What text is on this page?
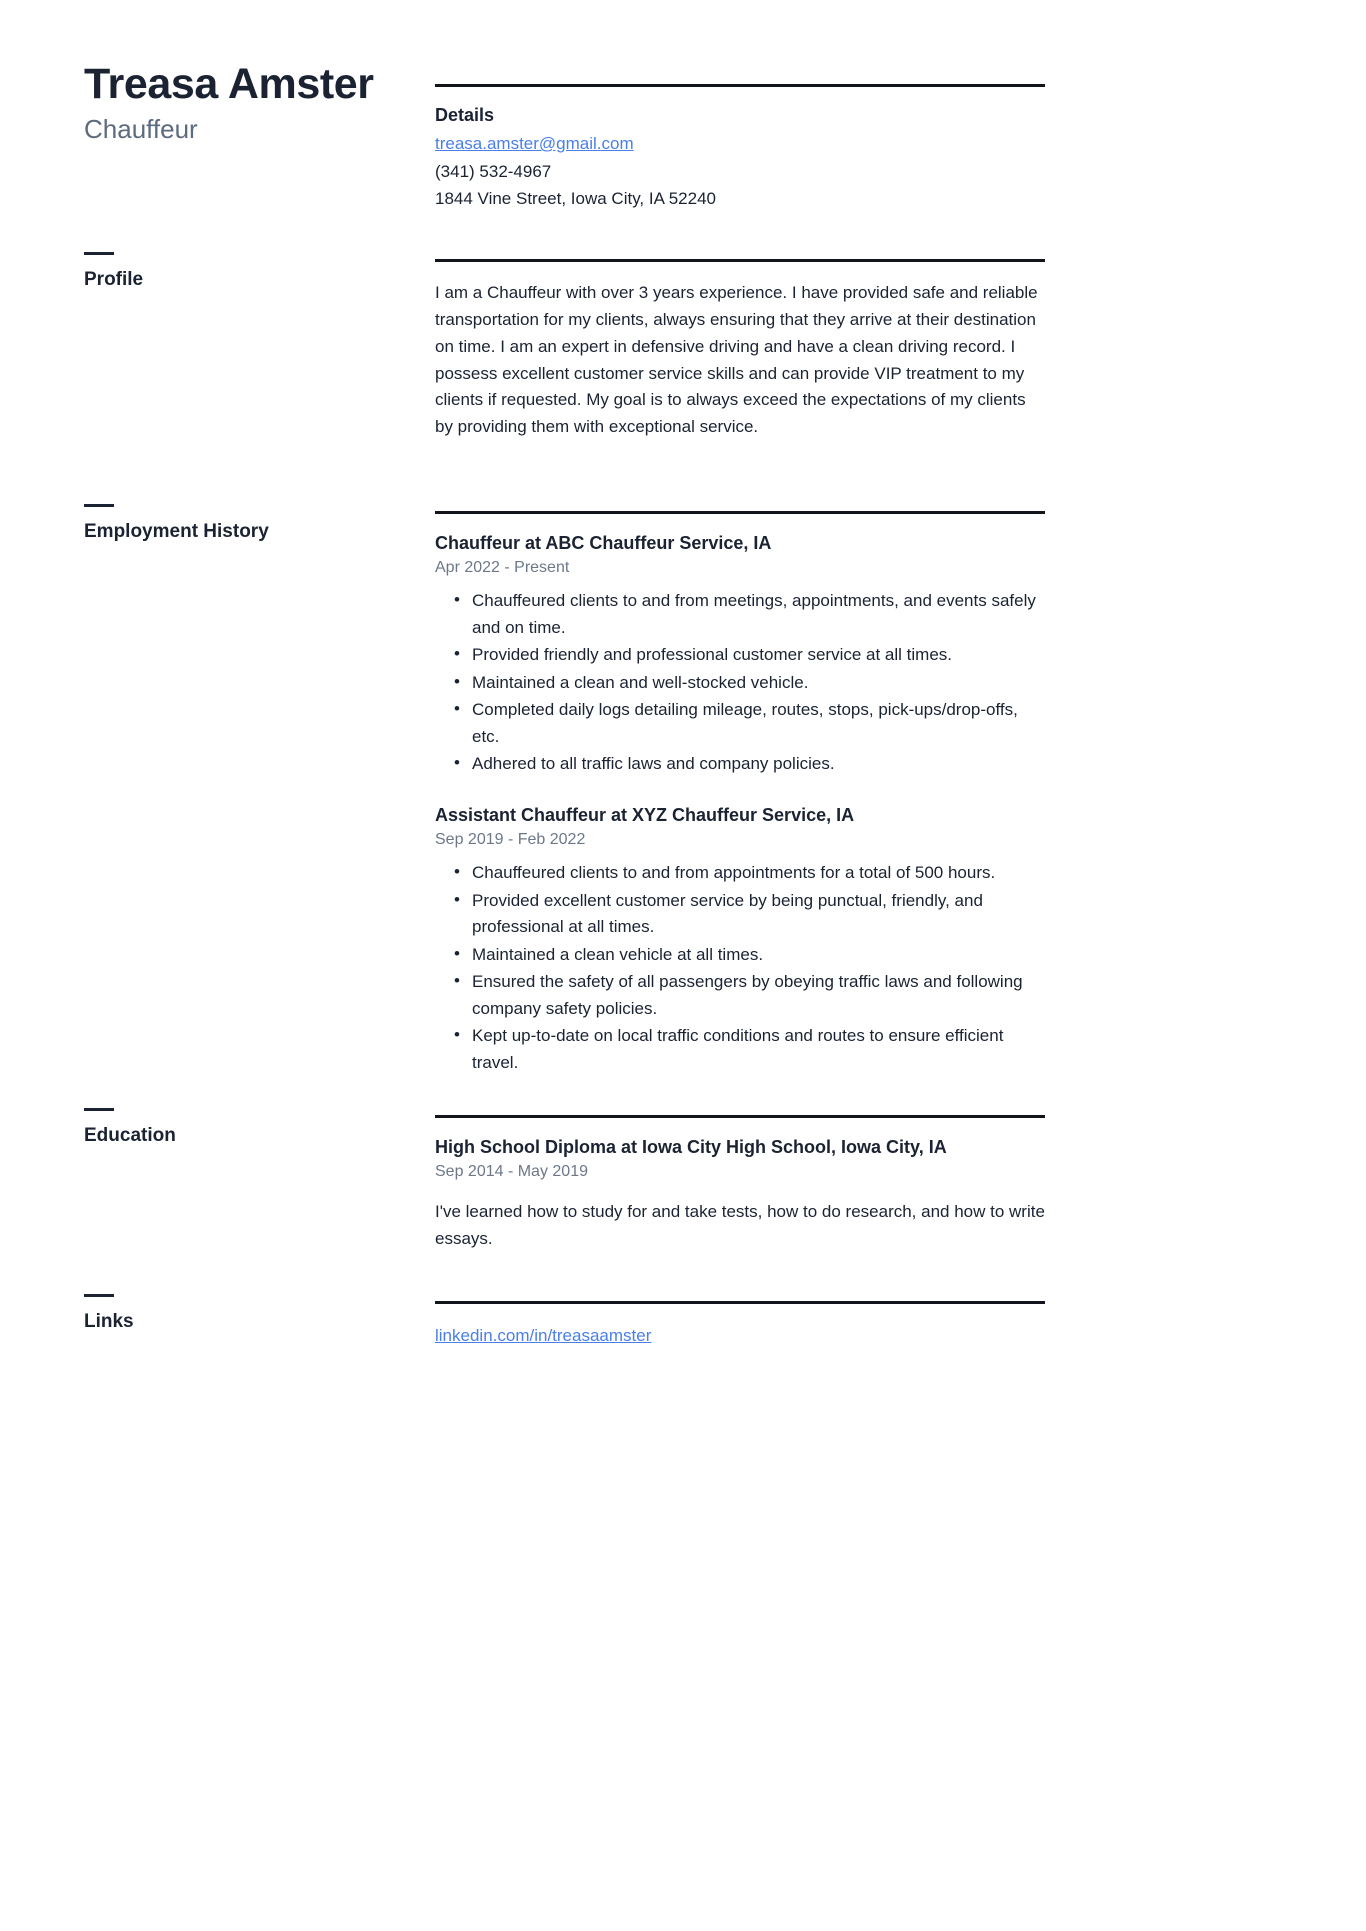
Treasa Amster

Chauffeur	Details
treasa.amster@gmail.com
(341) 532-4967
1844 Vine Street, Iowa City, IA 52240
Profile

I am a Chauffeur with over 3 years experience. I have provided safe and reliable transportation for my clients, always ensuring that they arrive at their destination on time. I am an expert in defensive driving and have a clean driving record. I possess excellent customer service skills and can provide VIP treatment to my clients if requested. My goal is to always exceed the expectations of my clients by providing them with exceptional service.

Employment History
Chauffeur at ABC Chauffeur Service, IA
Apr 2022 - Present
• Chauffeured clients to and from meetings, appointments, and events safely and on time.
• Provided friendly and professional customer service at all times.
• Maintained a clean and well-stocked vehicle.
• Completed daily logs detailing mileage, routes, stops, pick-ups/drop-offs, etc.
• Adhered to all traffic laws and company policies.
Assistant Chauffeur at XYZ Chauffeur Service, IA
Sep 2019 - Feb 2022
• Chauffeured clients to and from appointments for a total of 500 hours.
• Provided excellent customer service by being punctual, friendly, and professional at all times.
• Maintained a clean vehicle at all times.
• Ensured the safety of all passengers by obeying traffic laws and following company safety policies.
• Kept up-to-date on local traffic conditions and routes to ensure efficient travel.
Education
High School Diploma at Iowa City High School, Iowa City, IA
Sep 2014 - May 2019

I've learned how to study for and take tests, how to do research, and how to write essays.

Links
linkedin.com/in/treasaamster
